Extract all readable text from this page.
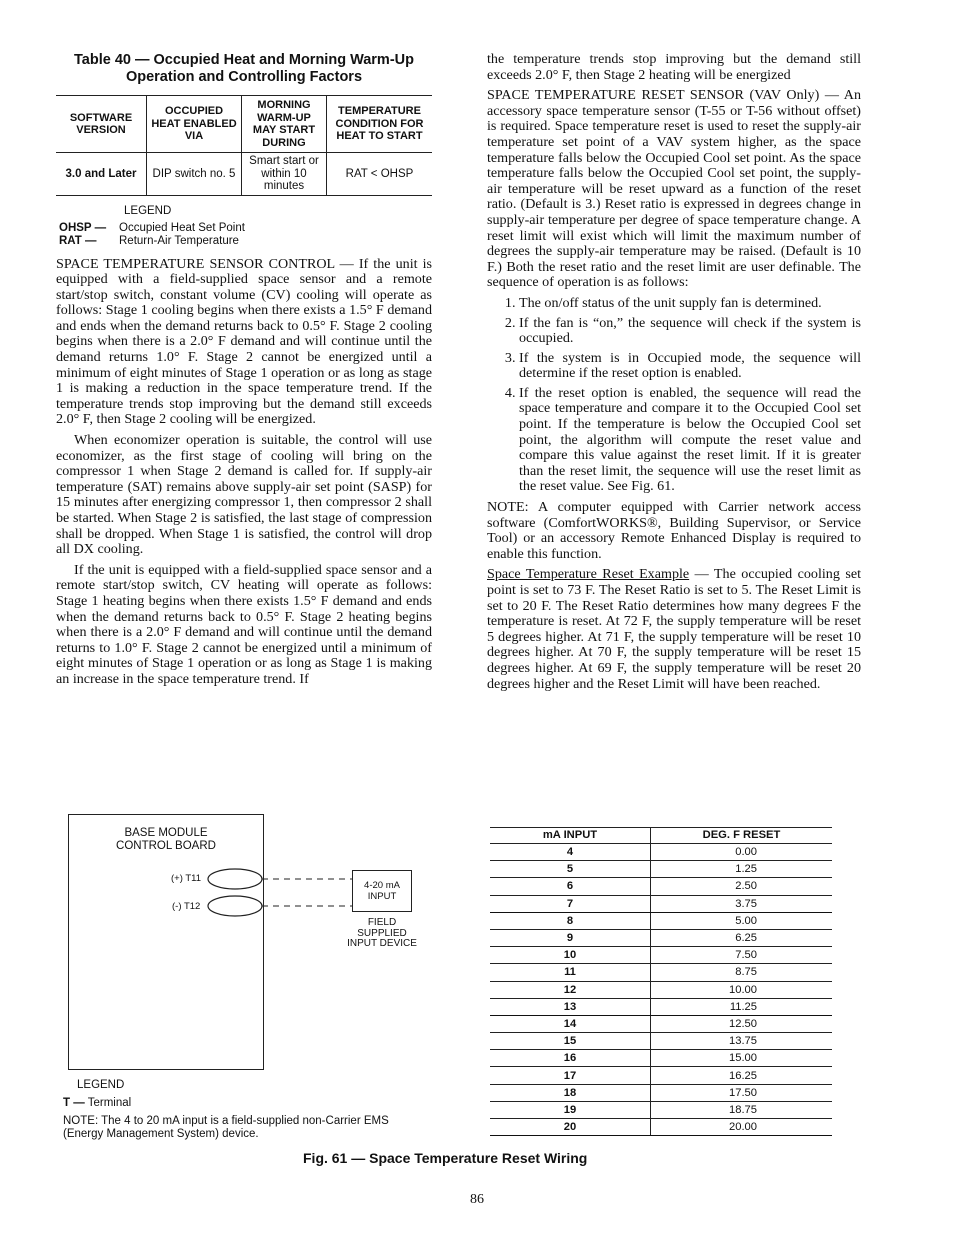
Table 40 — Occupied Heat and Morning Warm-Up
Operation and Controlling Factors
SOFTWARE VERSION	OCCUPIED HEAT ENABLED VIA	MORNING WARM-UP MAY START DURING	TEMPERATURE CONDITION FOR HEAT TO START
3.0 and Later	DIP switch no. 5	Smart start or within 10 minutes	RAT < OHSP
LEGEND
OHSP —	Occupied Heat Set Point
RAT —	Return-Air Temperature

SPACE TEMPERATURE SENSOR CONTROL — If the unit is equipped with a field-supplied space sensor and a remote start/stop switch, constant volume (CV) cooling will operate as follows: Stage 1 cooling begins when there exists a 1.5° F demand and ends when the demand returns back to 0.5° F. Stage 2 cooling begins when there is a 2.0° F demand and will continue until the demand returns 1.0° F. Stage 2 cannot be energized until a minimum of eight minutes of Stage 1 operation or as long as stage 1 is making a reduction in the space temperature trend. If the temperature trends stop improving but the demand still exceeds 2.0° F, then Stage 2 cooling will be energized.

When economizer operation is suitable, the control will use economizer, as the first stage of cooling will bring on the compressor 1 when Stage 2 demand is called for. If supply-air temperature (SAT) remains above supply-air set point (SASP) for 15 minutes after energizing compressor 1, then compressor 2 shall be started. When Stage 2 is satisfied, the last stage of compression shall be dropped. When Stage 1 is satisfied, the control will drop all DX cooling.

If the unit is equipped with a field-supplied space sensor and a remote start/stop switch, CV heating will operate as follows: Stage 1 heating begins when there exists 1.5° F demand and ends when the demand returns back to 0.5° F. Stage 2 heating begins when there is a 2.0° F demand and will continue until the demand returns to 1.0° F. Stage 2 cannot be energized until a minimum of eight minutes of Stage 1 operation or as long as Stage 1 is making an increase in the space temperature trend. If

the temperature trends stop improving but the demand still exceeds 2.0° F, then Stage 2 heating will be energized

SPACE TEMPERATURE RESET SENSOR (VAV Only) — An accessory space temperature sensor (T-55 or T-56 without offset) is required. Space temperature reset is used to reset the supply-air temperature set point of a VAV system higher, as the space temperature falls below the Occupied Cool set point. As the space temperature falls below the Occupied Cool set point, the supply-air temperature will be reset upward as a function of the reset ratio. (Default is 3.) Reset ratio is expressed in degrees change in supply-air temperature per degree of space temperature change. A reset limit will exist which will limit the maximum number of degrees the supply-air temperature may be raised. (Default is 10 F.) Both the reset ratio and the reset limit are user definable. The sequence of operation is as follows:

1. The on/off status of the unit supply fan is determined.
2. If the fan is “on,” the sequence will check if the system is occupied.
3. If the system is in Occupied mode, the sequence will determine if the reset option is enabled.
4. If the reset option is enabled, the sequence will read the space temperature and compare it to the Occupied Cool set point. If the temperature is below the Occupied Cool set point, the algorithm will compute the reset value and compare this value against the reset limit. If it is greater than the reset limit, the sequence will use the reset limit as the reset value. See Fig. 61.

NOTE: A computer equipped with Carrier network access software (ComfortWORKS®, Building Supervisor, or Service Tool) or an accessory Remote Enhanced Display is required to enable this function.

Space Temperature Reset Example — The occupied cooling set point is set to 73 F. The Reset Ratio is set to 5. The Reset Limit is set to 20 F. The Reset Ratio determines how many degrees F the temperature is reset. At 72 F, the supply temperature will be reset 5 degrees higher. At 71 F, the supply temperature will be reset 10 degrees higher. At 70 F, the supply temperature will be reset 15 degrees higher. At 69 F, the supply temperature will be reset 20 degrees higher and the Reset Limit will have been reached.

BASE MODULE
CONTROL BOARD
(+) T11
(-) T12
4-20 mA
INPUT
FIELD
SUPPLIED
INPUT DEVICE
LEGEND
T — Terminal
NOTE: The 4 to 20 mA input is a field-supplied non-Carrier EMS
(Energy Management System) device.
mA INPUT	DEG. F RESET
4	0.00
5	1.25
6	2.50
7	3.75
8	5.00
9	6.25
10	7.50
11	8.75
12	10.00
13	11.25
14	12.50
15	13.75
16	15.00
17	16.25
18	17.50
19	18.75
20	20.00
Fig. 61 — Space Temperature Reset Wiring
86
